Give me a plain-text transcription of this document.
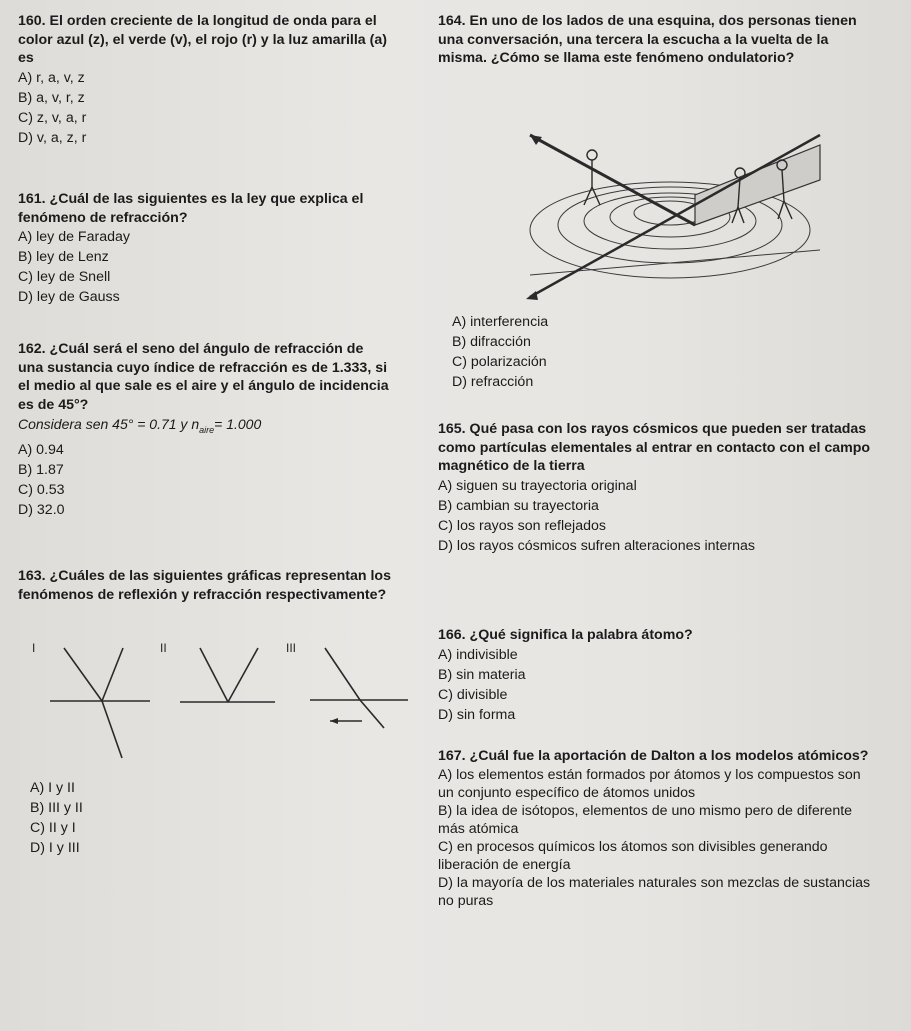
160. El orden creciente de la longitud de onda para el color azul (z), el verde (v), el rojo (r) y la luz amarilla (a) es
A) r, a, v, z
B) a, v, r, z
C) z, v, a, r
D) v, a, z, r
161. ¿Cuál de las siguientes es la ley que explica el fenómeno de refracción?
A) ley de Faraday
B) ley de Lenz
C) ley de Snell
D) ley de Gauss
162. ¿Cuál será el seno del ángulo de refracción de una sustancia cuyo índice de refracción es de 1.333, si el medio al que sale es el aire y el ángulo de incidencia es de 45°?
Considera sen 45° = 0.71 y $n_{aire}= 1.000$
A) 0.94
B) 1.87
C) 0.53
D) 32.0
163. ¿Cuáles de las siguientes gráficas representan los fenómenos de reflexión y refracción respectivamente?
I	II	III
A) I y II
B) III y II
C) II y I
D) I y III
164. En uno de los lados de una esquina, dos personas tienen una conversación, una tercera la escucha a la vuelta de la misma. ¿Cómo se llama este fenómeno ondulatorio?
A) interferencia
B) difracción
C) polarización
D) refracción
165. Qué pasa con los rayos cósmicos que pueden ser tratadas como partículas elementales al entrar en contacto con el campo magnético de la tierra
A) siguen su trayectoria original
B) cambian su trayectoria
C) los rayos son reflejados
D) los rayos cósmicos sufren alteraciones internas
166. ¿Qué significa la palabra átomo?
A) indivisible
B) sin materia
C) divisible
D) sin forma
167. ¿Cuál fue la aportación de Dalton a los modelos atómicos?
A) los elementos están formados por átomos y los compuestos son un conjunto específico de átomos unidos
B) la idea de isótopos, elementos de uno mismo pero de diferente más atómica
C) en procesos químicos los átomos son divisibles generando liberación de energía
D) la mayoría de los materiales naturales son mezclas de sustancias no puras
